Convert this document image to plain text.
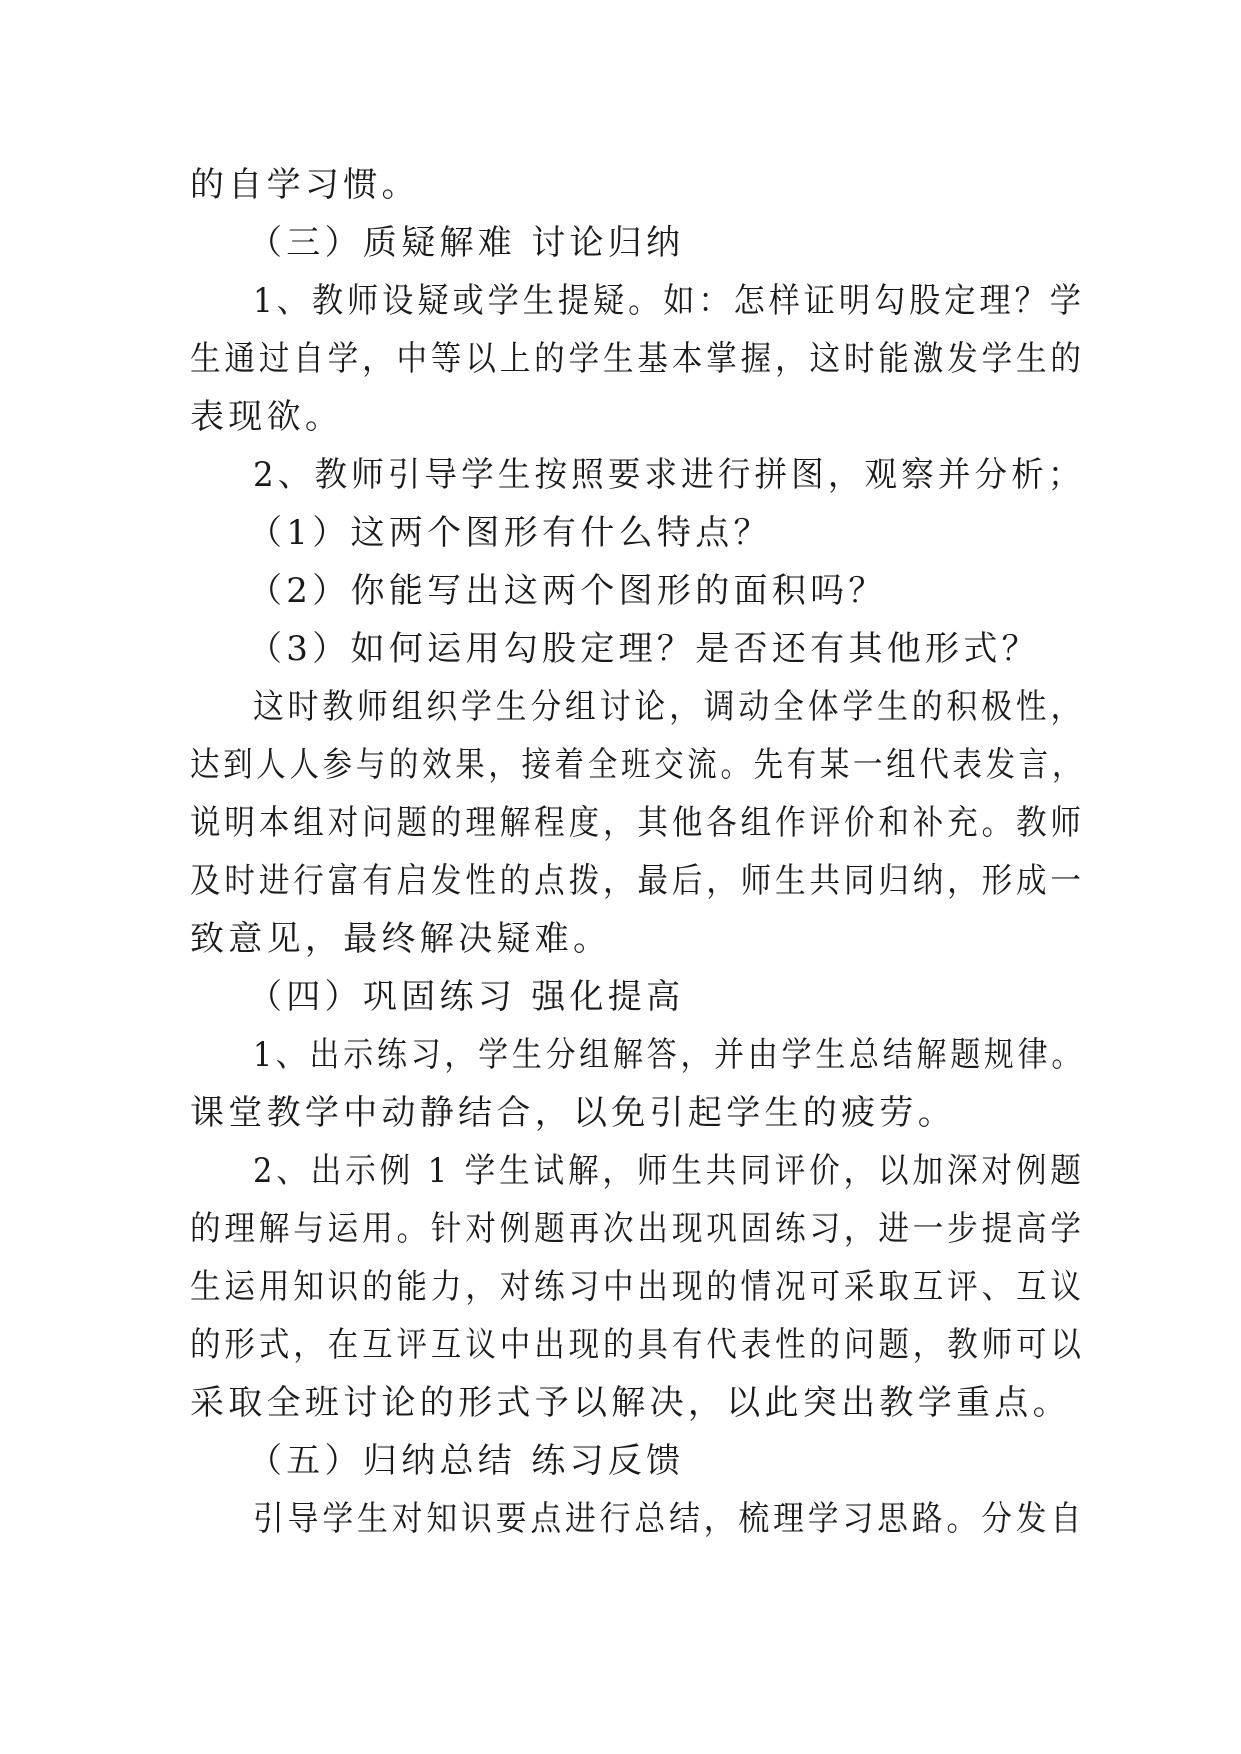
的自学习惯。
（三）质疑解难 讨论归纳
1、教师设疑或学生提疑。如：怎样证明勾股定理？学
生通过自学，中等以上的学生基本掌握，这时能激发学生的
表现欲。
2、教师引导学生按照要求进行拼图，观察并分析；
（1）这两个图形有什么特点？
（2）你能写出这两个图形的面积吗？
（3）如何运用勾股定理？是否还有其他形式？
这时教师组织学生分组讨论，调动全体学生的积极性，
达到人人参与的效果，接着全班交流。先有某一组代表发言，
说明本组对问题的理解程度，其他各组作评价和补充。教师
及时进行富有启发性的点拨，最后，师生共同归纳，形成一
致意见，最终解决疑难。
（四）巩固练习 强化提高
1、出示练习，学生分组解答，并由学生总结解题规律。
课堂教学中动静结合，以免引起学生的疲劳。
2、出示例 1 学生试解，师生共同评价，以加深对例题
的理解与运用。针对例题再次出现巩固练习，进一步提高学
生运用知识的能力，对练习中出现的情况可采取互评、互议
的形式，在互评互议中出现的具有代表性的问题，教师可以
采取全班讨论的形式予以解决，以此突出教学重点。
（五）归纳总结 练习反馈
引导学生对知识要点进行总结，梳理学习思路。分发自
